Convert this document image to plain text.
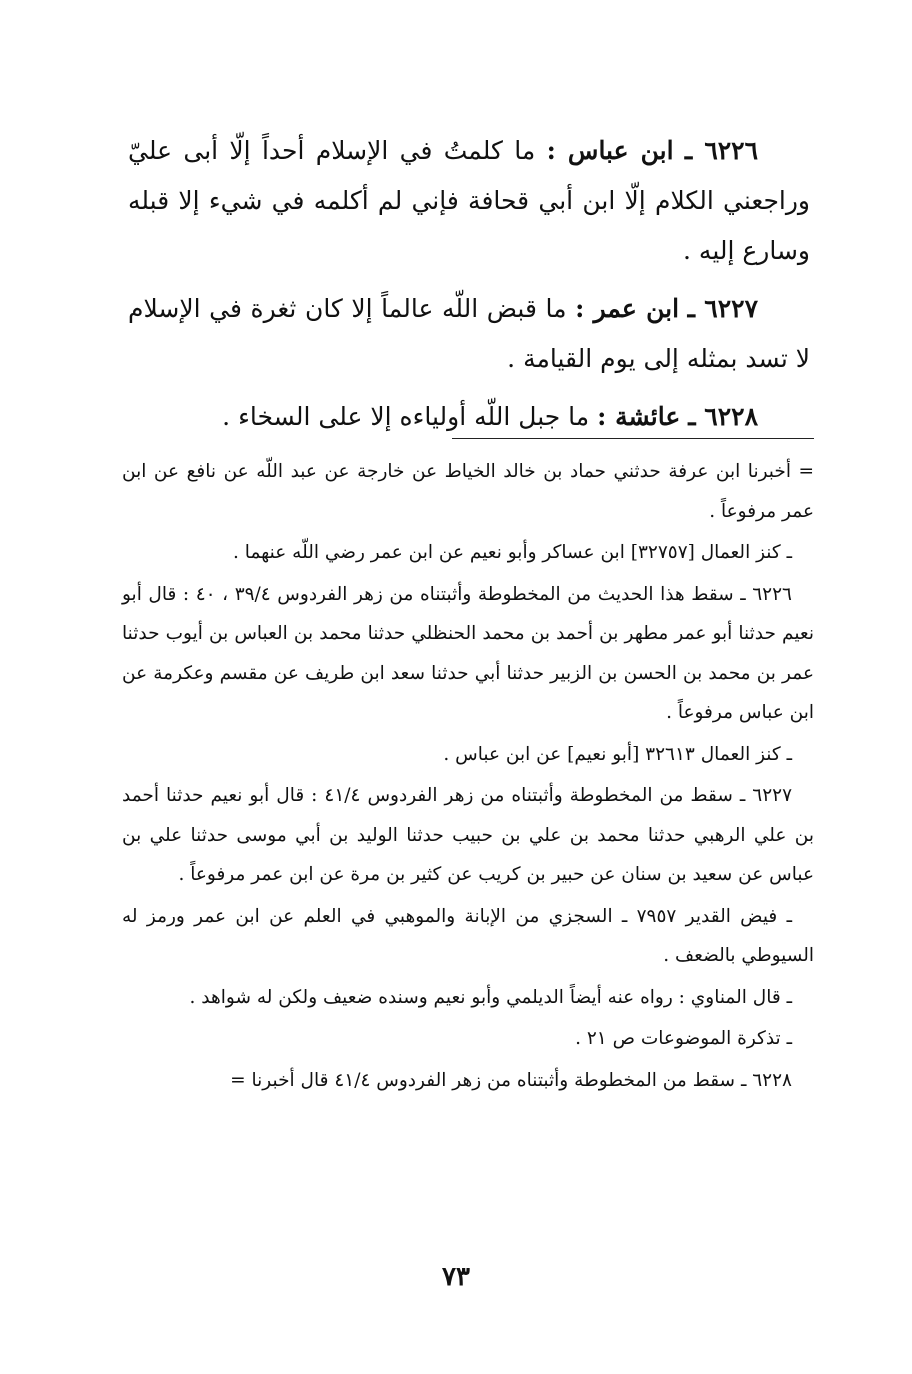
٦٢٢٦ ـ ابن عباس : ما كلمتُ في الإسلام أحداً إلّا أبى عليّ وراجعني الكلام إلّا ابن أبي قحافة فإني لم أكلمه في شيء إلا قبله وسارع إليه .

٦٢٢٧ ـ ابن عمر : ما قبض اللّه عالماً إلا كان ثغرة في الإسلام لا تسد بمثله إلى يوم القيامة .

٦٢٢٨ ـ عائشة : ما جبل اللّه أولياءه إلا على السخاء .

= أخبرنا ابن عرفة حدثني حماد بن خالد الخياط عن خارجة عن عبد اللّه عن نافع عن ابن عمر مرفوعاً .

ـ كنز العمال [٣٢٧٥٧] ابن عساكر وأبو نعيم عن ابن عمر رضي اللّه عنهما .

٦٢٢٦ ـ سقط هذا الحديث من المخطوطة وأثبتناه من زهر الفردوس ٣٩/٤ ، ٤٠ : قال أبو نعيم حدثنا أبو عمر مطهر بن أحمد بن محمد الحنظلي حدثنا محمد بن العباس بن أيوب حدثنا عمر بن محمد بن الحسن بن الزبير حدثنا أبي حدثنا سعد ابن طريف عن مقسم وعكرمة عن ابن عباس مرفوعاً .

ـ كنز العمال ٣٢٦١٣ [أبو نعيم] عن ابن عباس .

٦٢٢٧ ـ سقط من المخطوطة وأثبتناه من زهر الفردوس ٤١/٤ : قال أبو نعيم حدثنا أحمد بن علي الرهبي حدثنا محمد بن علي بن حبيب حدثنا الوليد بن أبي موسى حدثنا علي بن عباس عن سعيد بن سنان عن حبير بن كريب عن كثير بن مرة عن ابن عمر مرفوعاً .

ـ فيض القدير ٧٩٥٧ ـ السجزي من الإبانة والموهبي في العلم عن ابن عمر ورمز له السيوطي بالضعف .

ـ قال المناوي : رواه عنه أيضاً الديلمي وأبو نعيم وسنده ضعيف ولكن له شواهد .

ـ تذكرة الموضوعات ص ٢١ .

٦٢٢٨ ـ سقط من المخطوطة وأثبتناه من زهر الفردوس ٤١/٤ قال أخبرنا =

٧٣
